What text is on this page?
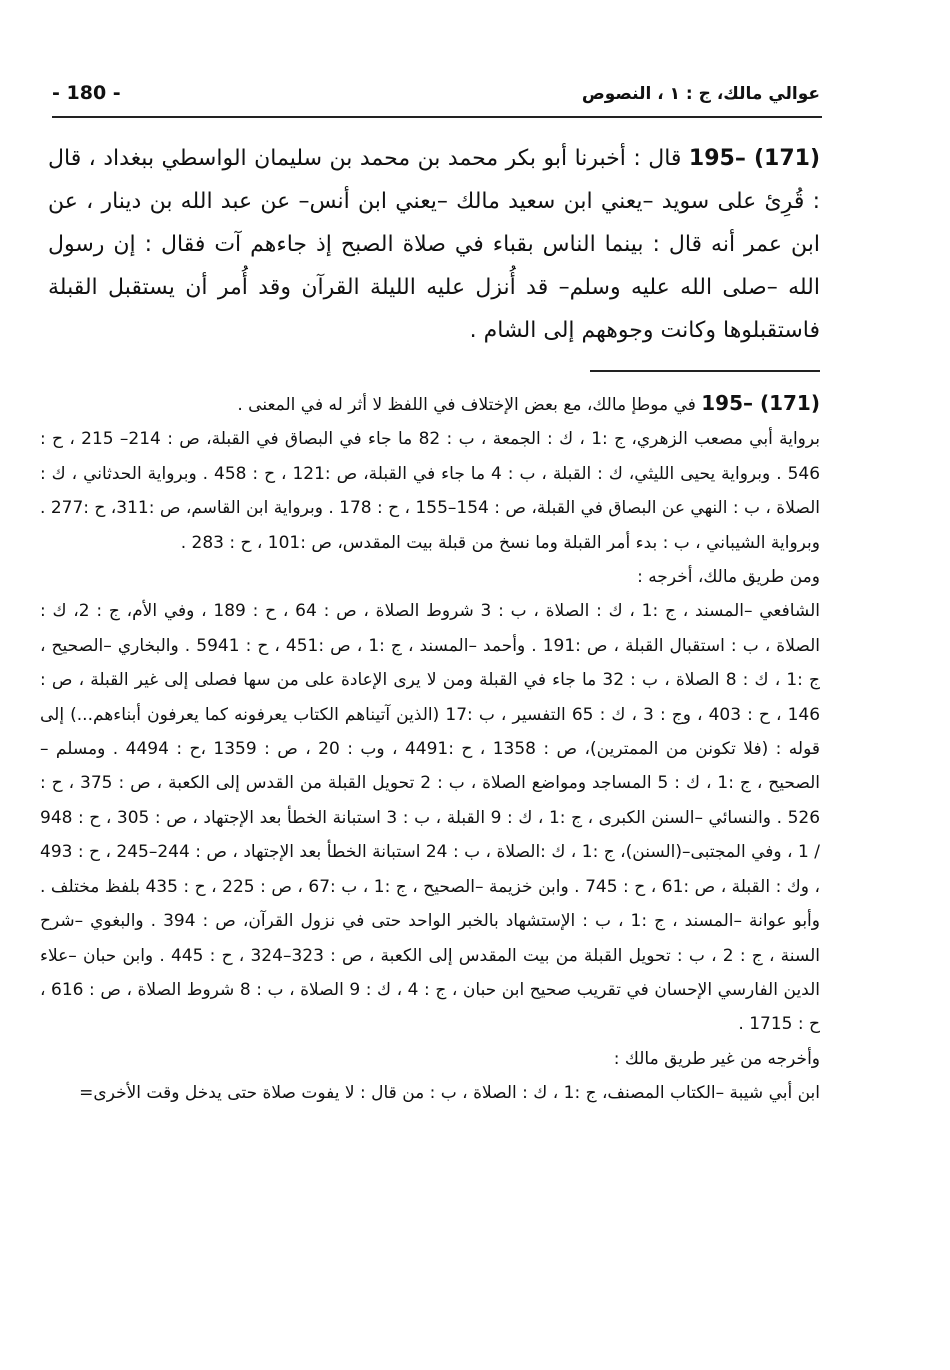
عوالي مالك، ج : ١ ، النصوص
- 180 -

195– (171) قال : أخبرنا أبو بكر محمد بن محمد بن سليمان الواسطي ببغداد ، قال : قُرِئ على سويد –يعني ابن سعيد مالك –يعني ابن أنس– عن عبد الله بن دينار ، عن ابن عمر أنه قال : بينما الناس بقباء في صلاة الصبح إذ جاءهم آت فقال : إن رسول الله –صلى الله عليه وسلم– قد أُنزل عليه الليلة القرآن وقد أُمر أن يستقبل القبلة فاستقبلوها وكانت وجوههم إلى الشام .

195– (171) في موطإ مالك، مع بعض الإختلاف في اللفظ لا أثر له في المعنى .

برواية أبي مصعب الزهري، ج :1 ، ك : الجمعة ، ب : 82 ما جاء في البصاق في القبلة، ص : 214– 215 ، ح : 546 . وبرواية يحيى الليثي، ك : القبلة ، ب : 4 ما جاء في القبلة، ص :121 ، ح : 458 . وبرواية الحدثاني ، ك : الصلاة ، ب : النهي عن البصاق في القبلة، ص : 154–155 ، ح : 178 . وبرواية ابن القاسم، ص :311، ح :277 . وبرواية الشيباني ، ب : بدء أمر القبلة وما نسخ من قبلة بيت المقدس، ص :101 ، ح : 283 .

ومن طريق مالك، أخرجه :

الشافعي –المسند ، ج :1 ، ك : الصلاة ، ب : 3 شروط الصلاة ، ص : 64 ، ح : 189 ، وفي الأم، ج : 2، ك : الصلاة ، ب : استقبال القبلة ، ص :191 . وأحمد –المسند ، ج :1 ، ص :451 ، ح : 5941 . والبخاري –الصحيح ، ج :1 ، ك : 8 الصلاة ، ب : 32 ما جاء في القبلة ومن لا يرى الإعادة على من سها فصلى إلى غير القبلة ، ص : 146 ، ح : 403 ، وج : 3 ، ك : 65 التفسير ، ب :17 (الذين آتيناهم الكتاب يعرفونه كما يعرفون أبناءهم...) إلى قوله : (فلا تكونن من الممترين)، ص : 1358 ، ح :4491 ، وب : 20 ، ص : 1359 ،ح : 4494 . ومسلم –الصحيح ، ج :1 ، ك : 5 المساجد ومواضع الصلاة ، ب : 2 تحويل القبلة من القدس إلى الكعبة ، ص : 375 ، ح : 526 . والنسائي –السنن الكبرى ، ج :1 ، ك : 9 القبلة ، ب : 3 استبانة الخطأ بعد الإجتهاد ، ص : 305 ، ح : 948 / 1 ، وفي المجتبى–(السنن)، ج :1 ، ك :الصلاة ، ب : 24 استبانة الخطأ بعد الإجتهاد ، ص : 244–245 ، ح : 493 ، وك : القبلة ، ص :61 ، ح : 745 . وابن خزيمة –الصحيح ، ج :1 ، ب :67 ، ص : 225 ، ح : 435 بلفظ مختلف . وأبو عوانة –المسند ، ج :1 ، ب : الإستشهاد بالخبر الواحد حتى في نزول القرآن، ص : 394 . والبغوي –شرح السنة ، ج : 2 ، ب : تحويل القبلة من بيت المقدس إلى الكعبة ، ص : 323–324 ، ح : 445 . وابن حبان –علاء الدين الفارسي الإحسان في تقريب صحيح ابن حبان ، ج : 4 ، ك : 9 الصلاة ، ب : 8 شروط الصلاة ، ص : 616 ، ح : 1715 .

وأخرجه من غير طريق مالك :

ابن أبي شيبة –الكتاب المصنف، ج :1 ، ك : الصلاة ، ب : من قال : لا يفوت صلاة حتى يدخل وقت الأخرى=
